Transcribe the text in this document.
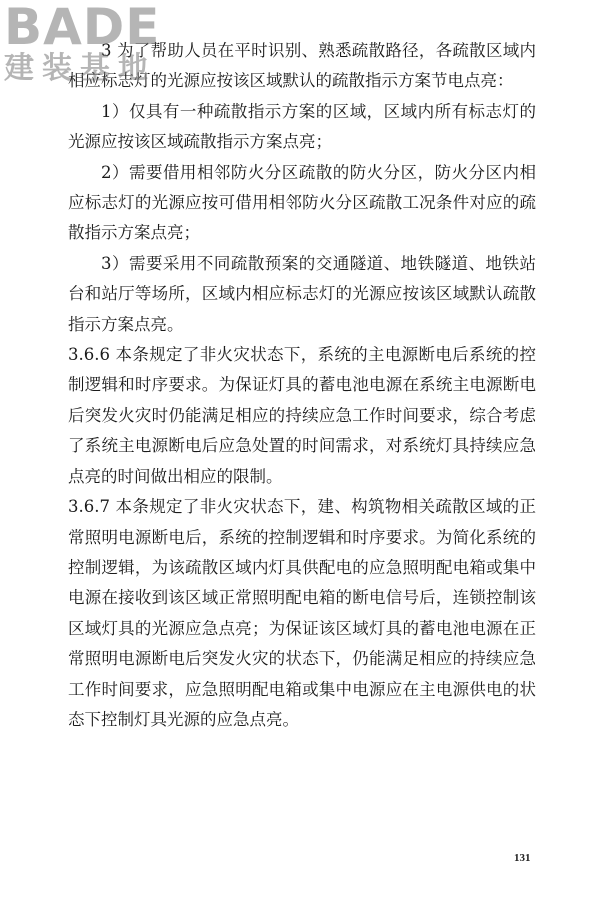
BADE
建装基地

3 为了帮助人员在平时识别、熟悉疏散路径，各疏散区域内相应标志灯的光源应按该区域默认的疏散指示方案节电点亮：

1）仅具有一种疏散指示方案的区域，区域内所有标志灯的光源应按该区域疏散指示方案点亮；

2）需要借用相邻防火分区疏散的防火分区，防火分区内相应标志灯的光源应按可借用相邻防火分区疏散工况条件对应的疏散指示方案点亮；

3）需要采用不同疏散预案的交通隧道、地铁隧道、地铁站台和站厅等场所，区域内相应标志灯的光源应按该区域默认疏散指示方案点亮。

3.6.6 本条规定了非火灾状态下，系统的主电源断电后系统的控制逻辑和时序要求。为保证灯具的蓄电池电源在系统主电源断电后突发火灾时仍能满足相应的持续应急工作时间要求，综合考虑了系统主电源断电后应急处置的时间需求，对系统灯具持续应急点亮的时间做出相应的限制。

3.6.7 本条规定了非火灾状态下，建、构筑物相关疏散区域的正常照明电源断电后，系统的控制逻辑和时序要求。为简化系统的控制逻辑，为该疏散区域内灯具供配电的应急照明配电箱或集中电源在接收到该区域正常照明配电箱的断电信号后，连锁控制该区域灯具的光源应急点亮；为保证该区域灯具的蓄电池电源在正常照明电源断电后突发火灾的状态下，仍能满足相应的持续应急工作时间要求，应急照明配电箱或集中电源应在主电源供电的状态下控制灯具光源的应急点亮。

131
